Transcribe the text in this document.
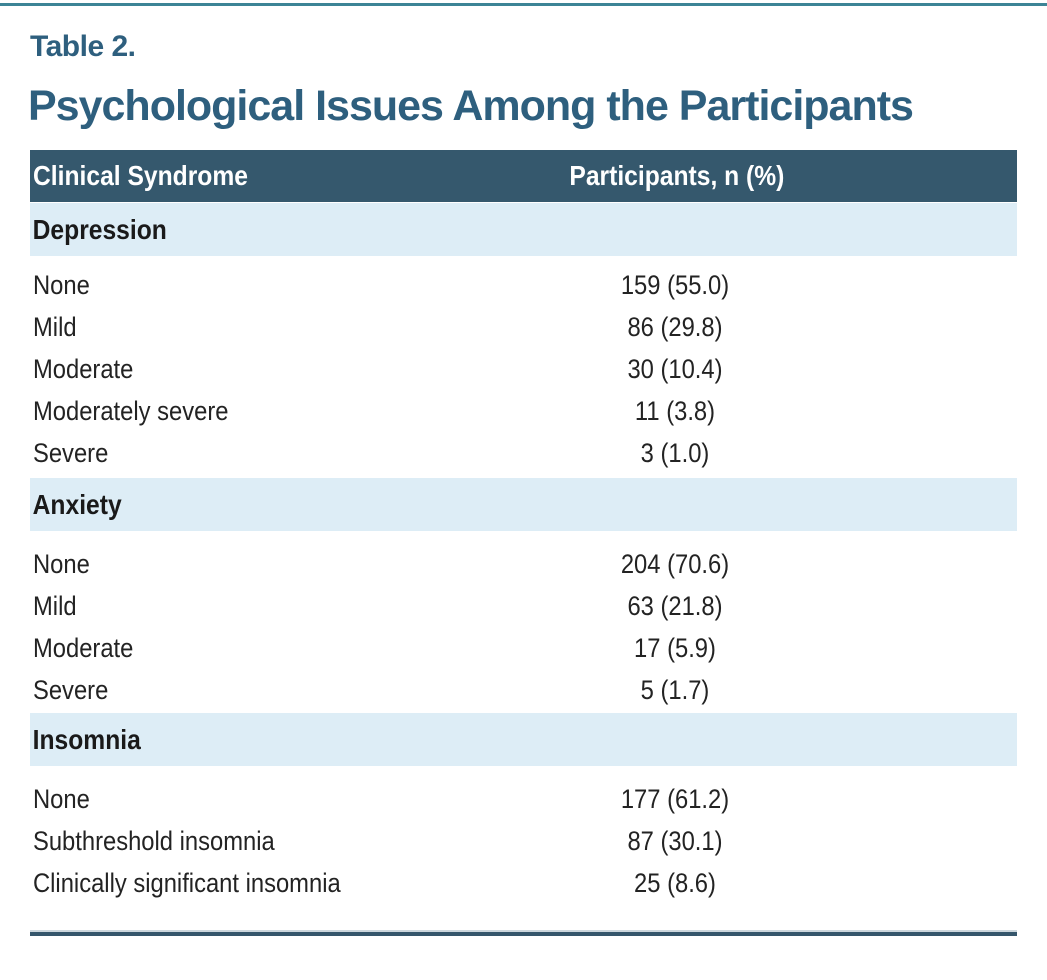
Table 2.
Psychological Issues Among the Participants
Clinical Syndrome	Participants, n (%)
Depression
None	159 (55.0)
Mild	86 (29.8)
Moderate	30 (10.4)
Moderately severe	11 (3.8)
Severe	3 (1.0)
Anxiety
None	204 (70.6)
Mild	63 (21.8)
Moderate	17 (5.9)
Severe	5 (1.7)
Insomnia
None	177 (61.2)
Subthreshold insomnia	87 (30.1)
Clinically significant insomnia	25 (8.6)
